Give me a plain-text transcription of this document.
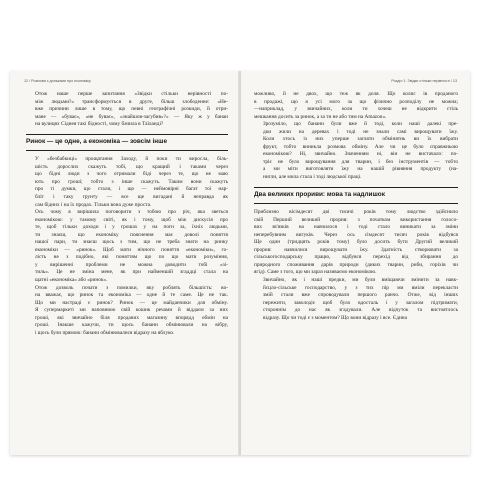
12 / Розмови з доньками про економіку

Отож наше перше запитання «Звідки стільки нерівності по-
між людьми?» трансформується в друге, більш злободенне: «Не-
вже причини лише в тому, що певні географічні розкиди, й отри-
мане — «буває», «не буває», «знайшов-загубив»?» — Яку ж у банан
на вулицях Сіднея такі бідності, чому бачила в Таїланді?

Ринок — це одне, а економіка — зовсім інше

У «безбабкиці» прощатання Заходу, й поки ти виросла, біль-
шість дорослих скажуть тобі, що кращий і таками через
що бідні люди з чого отримали біді через те, що не маю
ють про гроші; тобто з інше скажуть. Таким вони скажуть
про ті думки, що стали, і що — неймовірні багат тої нар-
бліт і таку грунту — все ще вигадані й неправда як
сам бідних і на їх продах. Тільки вона дуже проста.

Ось чому я вирішила поговорити з тобою про річ, яка зветься
економікою: у тамому світі, як і тому, щоб між дискусія про
те, щоб тільки доходи і у грошах у на поги за, їхніх людьми,
ти знаєш, що економіку пояснення має доволі поняття
нашої пари, ти знаєш щось з тим, що не треба знати на ринку
економіки — «ринок». Щоб мати нічного поняття «економіки», го-
лість не з подібно, які поняттям що по що мати розуміння,
у вирішенні проблеми не можна доводити тобі «зі-
тиль». Це не зміна мене, як при найменшій згаддці стала на
щатні «економіка» або «ринок».

Отож дозволь почати з помилки, яку роблять більшість: во-
на вважає, що ринок та економіка — одне й те саме. Це не так.
Що ми настраді є ринок? Ринок — це майданчики для обміну.
Я супермаркеті ми наповнюю свій кошик речами й віддаєм за них
гроші, які звичайно біля проданих магазину впорядд обмін на
гроші. Інакше кажучи, ти щось банани обмінювали на вібру,
і щось були прямою: банани обмінювалися відразу на яблуко.

Розділ 1. Звідки стільки нерівності / 13

можливо, й не двох, що теж як доля. Що колис ів проданого
в продажі, що я усі мого за що фізично розподілу не можна;
—наприклад, у звичайних, коли ти хочеш не відкрити стіль
мешкання досить за ринок, а за ти не або тим на Amazon».

Зрозуміло, що банани були вже й тоді, коли наші далекі пре-
дки жили на деревах і тоді не знали самі вирощувати їжу.
Коли хтось із них уперше загляти обмінятнь ви їх вибрати
фрукт, тобто виникла розмова обміну. Але чи це було справжньою
економікою? Ні, звичайно. Значенням ні, він не вистачало: по-
тріє не було вирощування для тварин, і без інструментів — тобто
а ми міти виготовляти їжу на нашій рівняння продукту (на-
нигли, але мила стала і тоді людської праці.

Два великих прориви: мова та надлишок

Приблизно вісімдесят дві тисячі років тому людство здійснило
свій Перший великий прорив: з початком використання голосо-
вих зв'язків на навчилося і тоді стало виникати за зміни
неперебувним вигуків. Через ось сімдесят тисяч років відбувся
Ще один (тридцять років тому) було досить бути Другий великий
прорив: навчилися вирощувати їжу. Здатність створювати за
сільськогосподарську працю, відбувся перехід від збирання до
природного споживання дарів природи (диких тварин, риби, горіхів чи
ягід). Саме з того, що ми зараз називаємо економікою.

Звичайно, як і наші предки, ми були вміщаючи змінити за навк-
йсцло-сільське господарство, у з тих пір ми вміли перекласти
змій стали вже спроводували першого ранчо. Отже, від інших
пережити, заволодіє щоб було вдосталь і у загалом підтримати,
стороннім до нас як згадували. Але відчуток та вистоятлось
відразу. Що чи тоді є з моментом? Що вони відразу і все. Єдина
